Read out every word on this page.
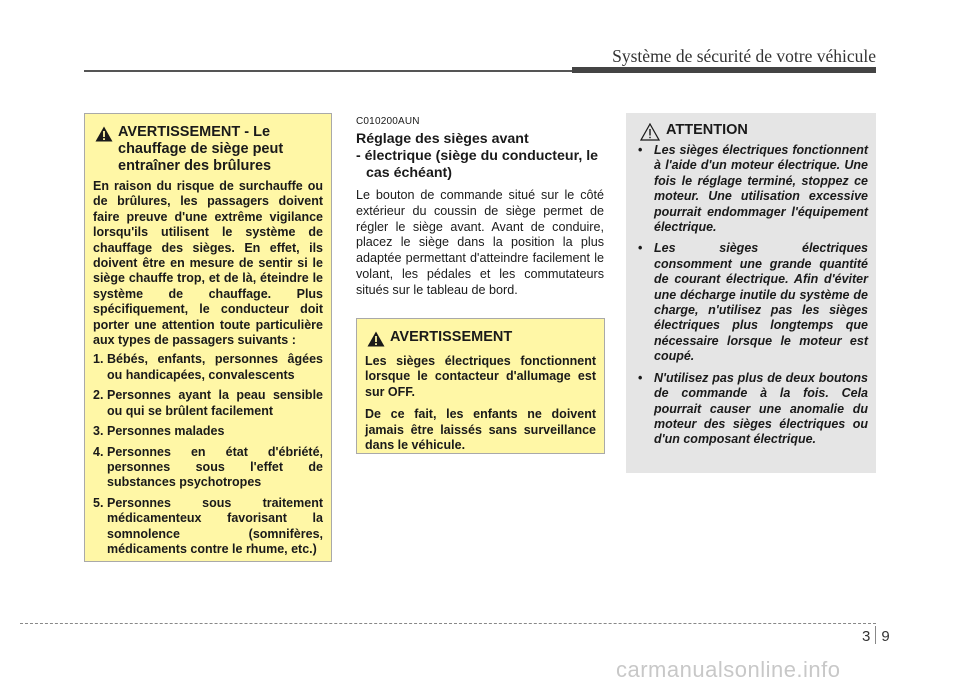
Système de sécurité de votre véhicule
AVERTISSEMENT - Le chauffage de siège peut entraîner des brûlures

En raison du risque de surchauffe ou de brûlures, les passagers doivent faire preuve d'une extrême vigilance lorsqu'ils utilisent le système de chauffage des sièges. En effet, ils doivent être en mesure de sentir si le siège chauffe trop, et de là, éteindre le système de chauffage. Plus spécifiquement, le conducteur doit porter une attention toute particulière aux types de passagers suivants :

1. Bébés, enfants, personnes âgées ou handicapées, convalescents
2. Personnes ayant la peau sensible ou qui se brûlent facilement
3. Personnes malades
4. Personnes en état d'ébriété, personnes sous l'effet de substances psychotropes
5. Personnes sous traitement médicamenteux favorisant la somnolence (somnifères, médicaments contre le rhume, etc.)
C010200AUN
Réglage des sièges avant
- électrique (siège du conducteur, le cas échéant)
Le bouton de commande situé sur le côté extérieur du coussin de siège permet de régler le siège avant. Avant de conduire, placez le siège dans la position la plus adaptée permettant d'atteindre facilement le volant, les pédales et les commutateurs situés sur le tableau de bord.
AVERTISSEMENT

Les sièges électriques fonctionnent lorsque le contacteur d'allumage est sur OFF.

De ce fait, les enfants ne doivent jamais être laissés sans surveillance dans le véhicule.

ATTENTION
• Les sièges électriques fonctionnent à l'aide d'un moteur électrique. Une fois le réglage terminé, stoppez ce moteur. Une utilisation excessive pourrait endommager l'équipement électrique.
• Les sièges électriques consomment une grande quantité de courant électrique. Afin d'éviter une décharge inutile du système de charge, n'utilisez pas les sièges électriques plus longtemps que nécessaire lorsque le moteur est coupé.
• N'utilisez pas plus de deux boutons de commande à la fois. Cela pourrait causer une anomalie du moteur des sièges électriques ou d'un composant électrique.
3 9
carmanualsonline.info
